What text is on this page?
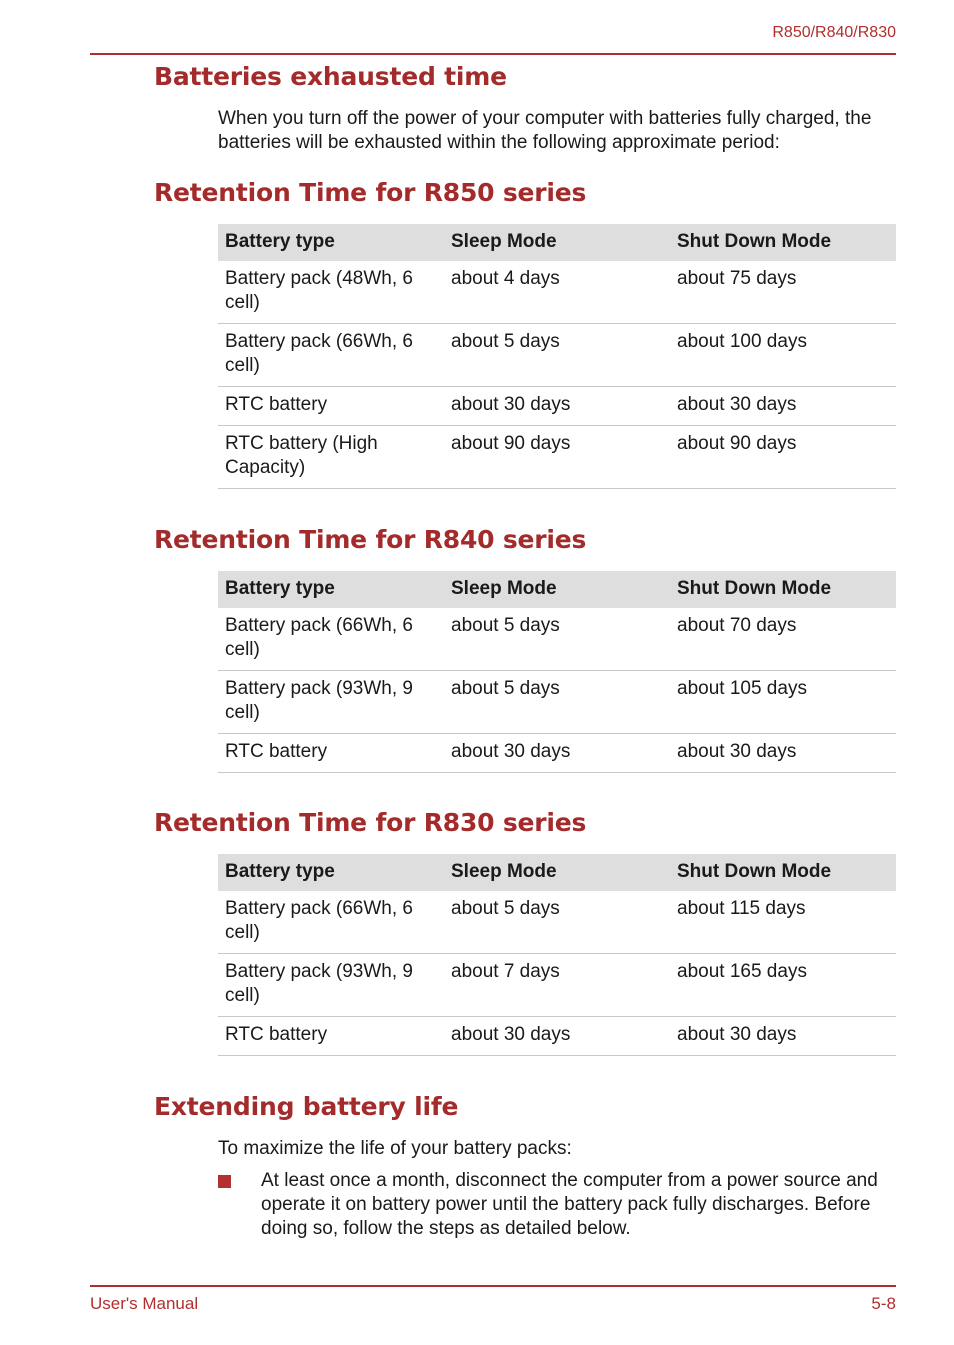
R850/R840/R830
Batteries exhausted time

When you turn off the power of your computer with batteries fully charged, the batteries will be exhausted within the following approximate period:

Retention Time for R850 series
Battery type	Sleep Mode	Shut Down Mode
Battery pack (48Wh, 6 cell)	about 4 days	about 75 days
Battery pack (66Wh, 6 cell)	about 5 days	about 100 days
RTC battery	about 30 days	about 30 days
RTC battery (High Capacity)	about 90 days	about 90 days
Retention Time for R840 series
Battery type	Sleep Mode	Shut Down Mode
Battery pack (66Wh, 6 cell)	about 5 days	about 70 days
Battery pack (93Wh, 9 cell)	about 5 days	about 105 days
RTC battery	about 30 days	about 30 days
Retention Time for R830 series
Battery type	Sleep Mode	Shut Down Mode
Battery pack (66Wh, 6 cell)	about 5 days	about 115 days
Battery pack (93Wh, 9 cell)	about 7 days	about 165 days
RTC battery	about 30 days	about 30 days
Extending battery life

To maximize the life of your battery packs:

At least once a month, disconnect the computer from a power source and operate it on battery power until the battery pack fully discharges. Before doing so, follow the steps as detailed below.

User's Manual	5-8
